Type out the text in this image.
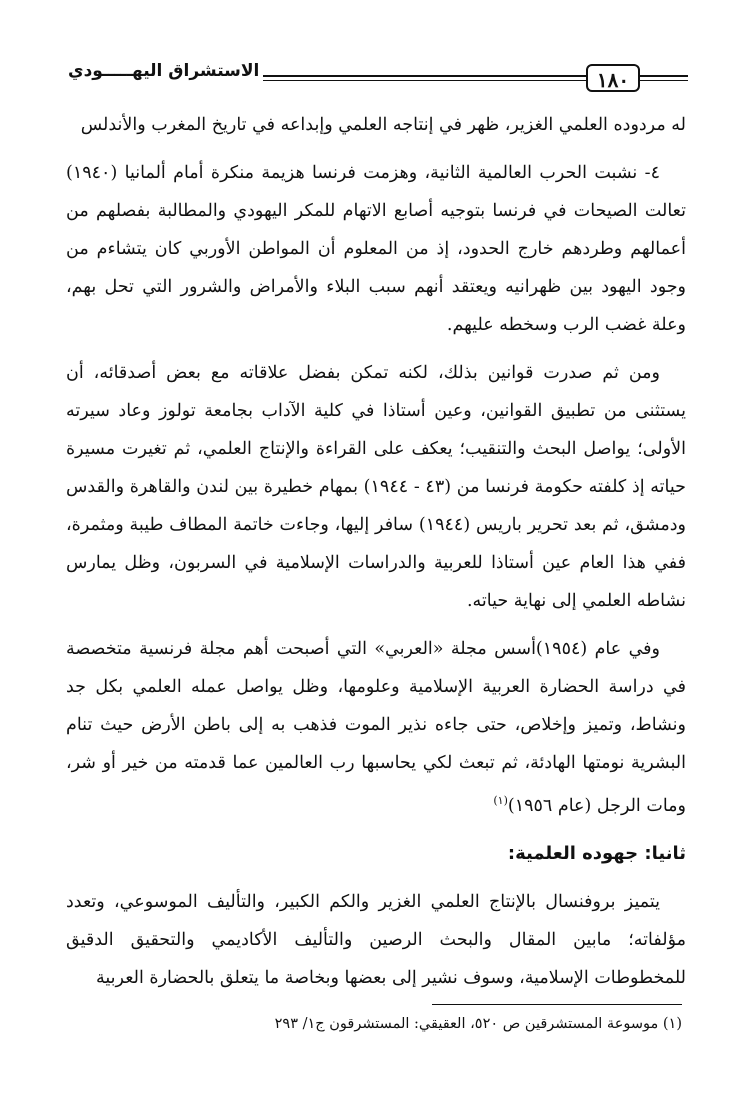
١٨٠
الاستشراق اليهـــــودي

له مردوده العلمي الغزير، ظهر في إنتاجه العلمي وإبداعه في تاريخ المغرب والأندلس

٤- نشبت الحرب العالمية الثانية، وهزمت فرنسا هزيمة منكرة أمام ألمانيا (١٩٤٠) تعالت الصيحات في فرنسا بتوجيه أصابع الاتهام للمكر اليهودي والمطالبة بفصلهم من أعمالهم وطردهم خارج الحدود، إذ من المعلوم أن المواطن الأوربي كان يتشاءم من وجود اليهود بين ظهرانيه ويعتقد أنهم سبب البلاء والأمراض والشرور التي تحل بهم، وعلة غضب الرب وسخطه عليهم.

ومن ثم صدرت قوانين بذلك، لكنه تمكن بفضل علاقاته مع بعض أصدقائه، أن يستثنى من تطبيق القوانين، وعين أستاذا في كلية الآداب بجامعة تولوز وعاد سيرته الأولى؛ يواصل البحث والتنقيب؛ يعكف على القراءة والإنتاج العلمي، ثم تغيرت مسيرة حياته إذ كلفته حكومة فرنسا من (٤٣ - ١٩٤٤) بمهام خطيرة بين لندن والقاهرة والقدس ودمشق، ثم بعد تحرير باريس (١٩٤٤) سافر إليها، وجاءت خاتمة المطاف طيبة ومثمرة، ففي هذا العام عين أستاذا للعربية والدراسات الإسلامية في السربون، وظل يمارس نشاطه العلمي إلى نهاية حياته.

وفي عام (١٩٥٤)أسس مجلة «العربي» التي أصبحت أهم مجلة فرنسية متخصصة في دراسة الحضارة العربية الإسلامية وعلومها، وظل يواصل عمله العلمي بكل جد ونشاط، وتميز وإخلاص، حتى جاءه نذير الموت فذهب به إلى باطن الأرض حيث تنام البشرية نومتها الهادئة، ثم تبعث لكي يحاسبها رب العالمين عما قدمته من خير أو شر، ومات الرجل (عام ١٩٥٦)$^{(١)}$

ثانيا: جهوده العلمية:

يتميز بروفنسال بالإنتاج العلمي الغزير والكم الكبير، والتأليف الموسوعي، وتعدد مؤلفاته؛ مابين المقال والبحث الرصين والتأليف الأكاديمي والتحقيق الدقيق للمخطوطات الإسلامية، وسوف نشير إلى بعضها وبخاصة ما يتعلق بالحضارة العربية

(١) موسوعة المستشرقين ص ٥٢٠، العقيقي: المستشرقون ج١/ ٢٩٣
